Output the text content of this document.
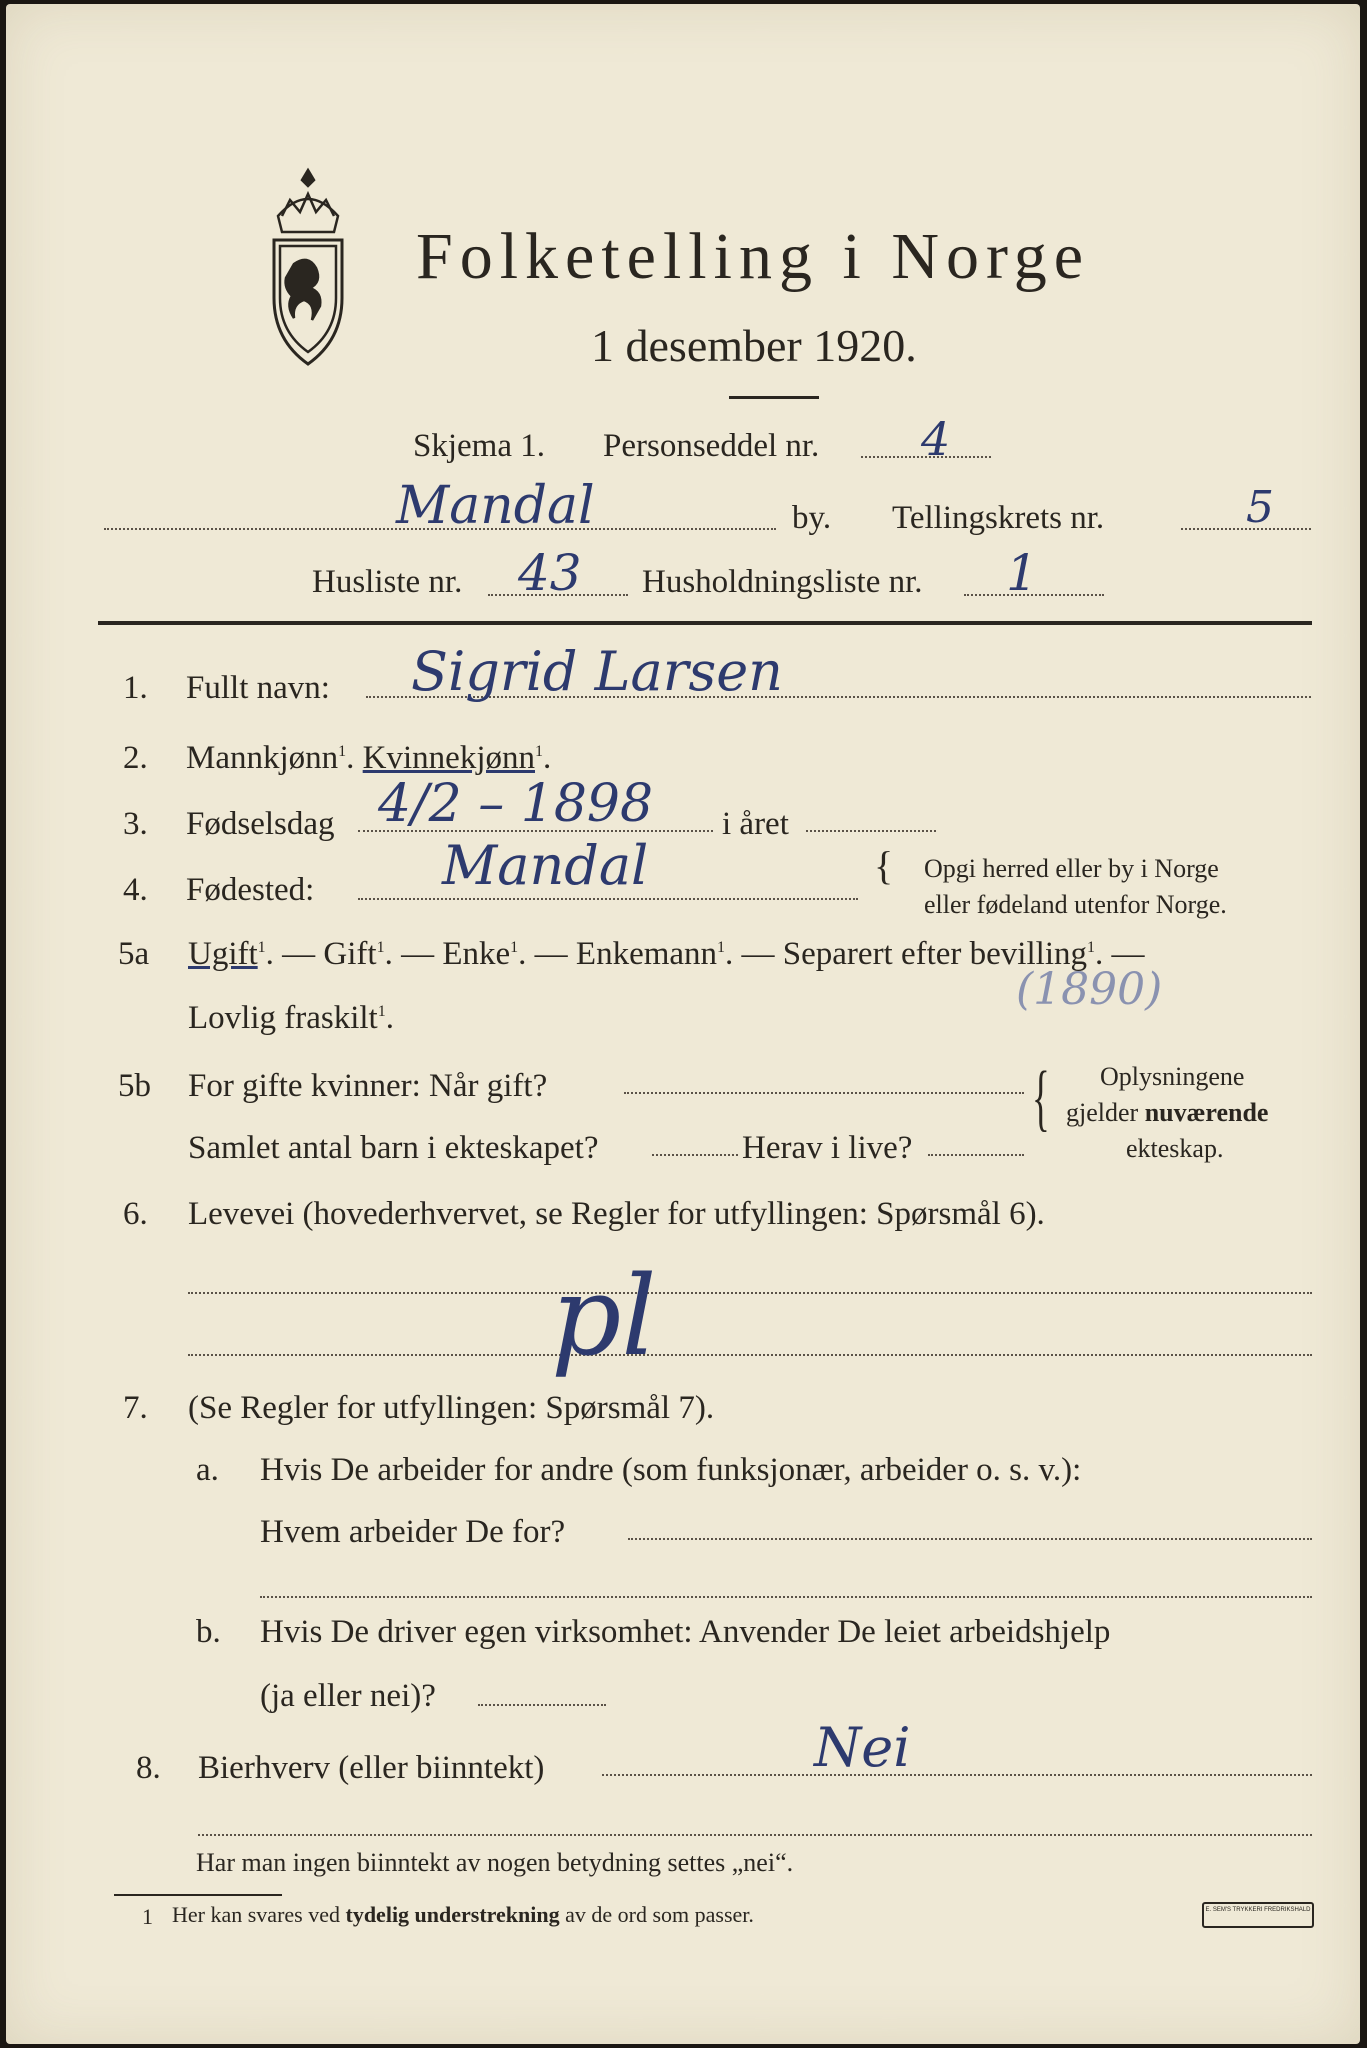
Folketelling i Norge
1 desember 1920.
Skjema 1. Personseddel nr. 4
Mandal	by. Tellingskrets nr.	5
Husliste nr. 43 Husholdningsliste nr. 1
1. Fullt navn: Sigrid Larsen
2. Mannkjønn$^1$. Kvinnekjønn$^1$.
3. Fødselsdag 4/2 – 1898 i året
4. Fødested: Mandal	{ Opgi herred eller by i Norge
eller fødeland utenfor Norge.
5a Ugift$^1$. — Gift$^1$. — Enke$^1$. — Enkemann$^1$. — Separert efter bevilling$^1$. —
Lovlig fraskilt$^1$.
(1890)
5b For gifte kvinner: Når gift?
Samlet antal barn i ekteskapet?	Herav i live?
{ Oplysningene
gjelder nuværende
ekteskap.
6. Levevei (hovederhvervet, se Regler for utfyllingen: Spørsmål 6).
pl
7. (Se Regler for utfyllingen: Spørsmål 7).
a. Hvis De arbeider for andre (som funksjonær, arbeider o. s. v.):
Hvem arbeider De for?
b. Hvis De driver egen virksomhet: Anvender De leiet arbeidshjelp
(ja eller nei)?
8. Bierhverv (eller biinntekt)	Nei
Har man ingen biinntekt av nogen betydning settes „nei“.
1 Her kan svares ved tydelig understrekning av de ord som passer.	E. SEM'S TRYKKERI FREDRIKSHALD
